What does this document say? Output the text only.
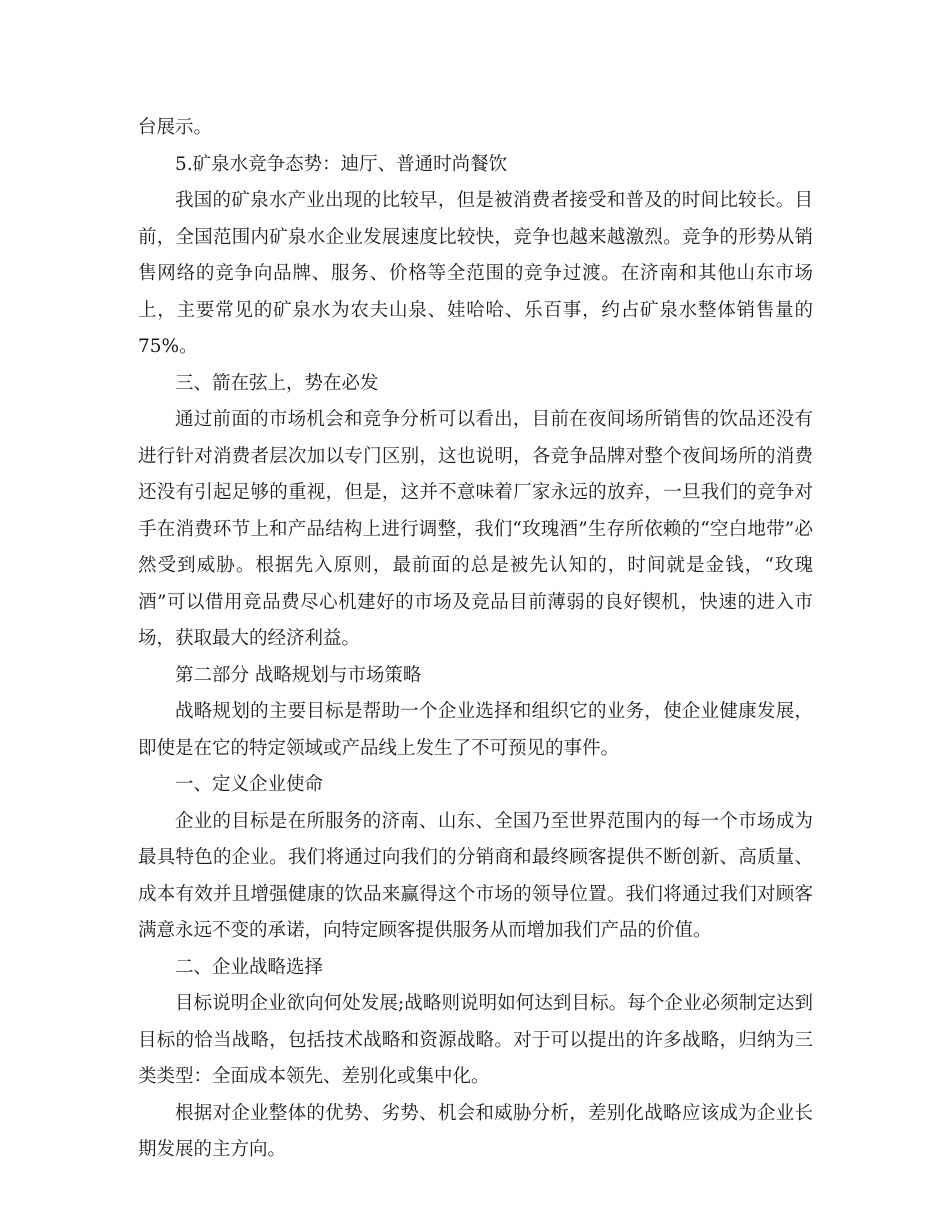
台展示。

5.矿泉水竞争态势：迪厅、普通时尚餐饮

我国的矿泉水产业出现的比较早，但是被消费者接受和普及的时间比较长。目前，全国范围内矿泉水企业发展速度比较快，竞争也越来越激烈。竞争的形势从销售网络的竞争向品牌、服务、价格等全范围的竞争过渡。在济南和其他山东市场上，主要常见的矿泉水为农夫山泉、娃哈哈、乐百事，约占矿泉水整体销售量的75%。

三、箭在弦上，势在必发

通过前面的市场机会和竞争分析可以看出，目前在夜间场所销售的饮品还没有进行针对消费者层次加以专门区别，这也说明，各竞争品牌对整个夜间场所的消费还没有引起足够的重视，但是，这并不意味着厂家永远的放弃，一旦我们的竞争对手在消费环节上和产品结构上进行调整，我们“玫瑰酒”生存所依赖的“空白地带”必然受到威胁。根据先入原则，最前面的总是被先认知的，时间就是金钱，“玫瑰酒”可以借用竞品费尽心机建好的市场及竞品目前薄弱的良好锲机，快速的进入市场，获取最大的经济利益。

第二部分 战略规划与市场策略

战略规划的主要目标是帮助一个企业选择和组织它的业务，使企业健康发展，即使是在它的特定领域或产品线上发生了不可预见的事件。

一、定义企业使命

企业的目标是在所服务的济南、山东、全国乃至世界范围内的每一个市场成为最具特色的企业。我们将通过向我们的分销商和最终顾客提供不断创新、高质量、成本有效并且增强健康的饮品来赢得这个市场的领导位置。我们将通过我们对顾客满意永远不变的承诺，向特定顾客提供服务从而增加我们产品的价值。

二、企业战略选择

目标说明企业欲向何处发展;战略则说明如何达到目标。每个企业必须制定达到目标的恰当战略，包括技术战略和资源战略。对于可以提出的许多战略，归纳为三类类型：全面成本领先、差别化或集中化。

根据对企业整体的优势、劣势、机会和威胁分析，差别化战略应该成为企业长期发展的主方向。
